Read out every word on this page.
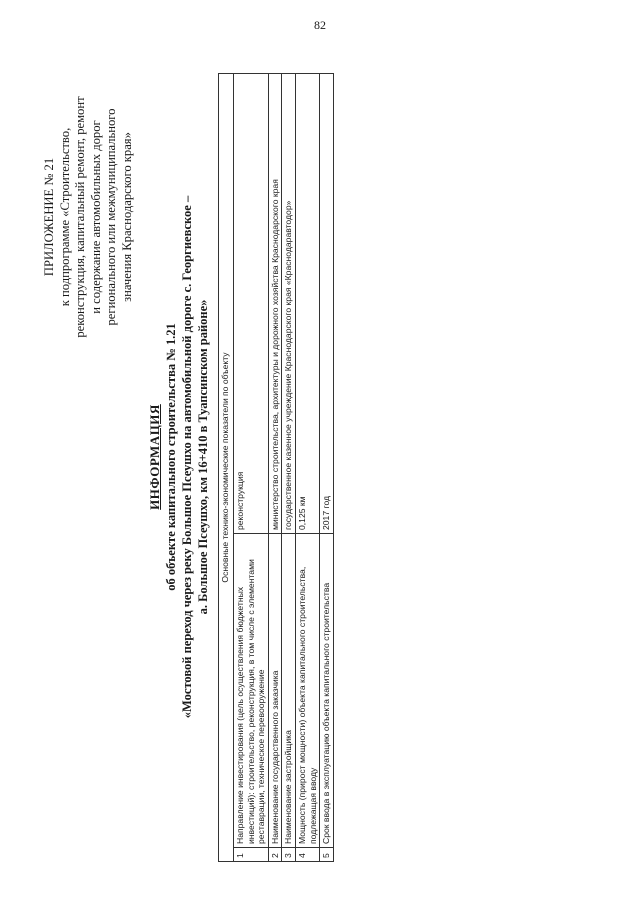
82
ПРИЛОЖЕНИЕ № 21 к подпрограмме «Строительство, реконструкция, капитальный ремонт, ремонт и содержание автомобильных дорог регионального или межмуниципального значения Краснодарского края»
ИНФОРМАЦИЯ об объекте капитального строительства № 1.21 «Мостовой переход через реку Большое Псеушхо на автомобильной дороге с. Георгиевское – а. Большое Псеушхо, км 16+410 в Туапсинском районе» Основные технико-экономические показатели по объекту		
1	Направление инвестирования (цель осуществления бюджетных инвестиций): строительство, реконструкция, в том числе с элементами реставрации, техническое перевооружение	реконструкция
2	Наименование государственного заказчика	министерство строительства, архитектуры и дорожного хозяйства Краснодарского края
3	Наименование застройщика	государственное казенное учреждение Краснодарского края «Краснодаравтодор»
4	Мощность (прирост мощности) объекта капитального строительства, подлежащая вводу	0,125 км
5	Срок ввода в эксплуатацию объекта капитального строительства	2017 год
